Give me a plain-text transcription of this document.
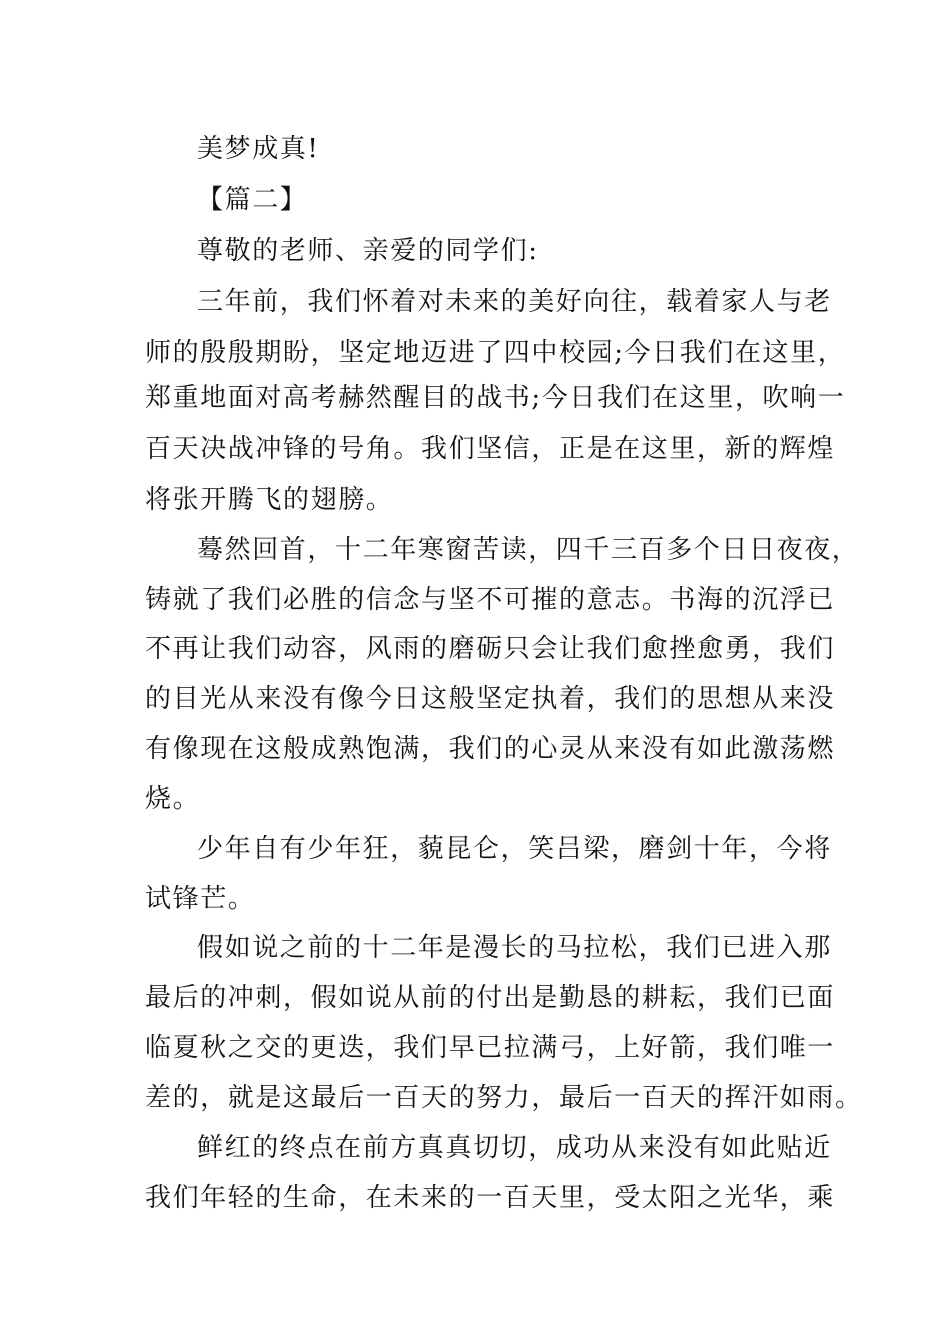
美梦成真!
【篇二】
尊敬的老师、亲爱的同学们:
三年前，我们怀着对未来的美好向往，载着家人与老
师的殷殷期盼，坚定地迈进了四中校园;今日我们在这里，
郑重地面对高考赫然醒目的战书;今日我们在这里，吹响一
百天决战冲锋的号角。我们坚信，正是在这里，新的辉煌
将张开腾飞的翅膀。
蓦然回首，十二年寒窗苦读，四千三百多个日日夜夜，
铸就了我们必胜的信念与坚不可摧的意志。书海的沉浮已
不再让我们动容，风雨的磨砺只会让我们愈挫愈勇，我们
的目光从来没有像今日这般坚定执着，我们的思想从来没
有像现在这般成熟饱满，我们的心灵从来没有如此激荡燃
烧。
少年自有少年狂，藐昆仑，笑吕梁，磨剑十年，今将
试锋芒。
假如说之前的十二年是漫长的马拉松，我们已进入那
最后的冲刺，假如说从前的付出是勤恳的耕耘，我们已面
临夏秋之交的更迭，我们早已拉满弓，上好箭，我们唯一
差的，就是这最后一百天的努力，最后一百天的挥汗如雨。
鲜红的终点在前方真真切切，成功从来没有如此贴近
我们年轻的生命，在未来的一百天里，受太阳之光华，乘
